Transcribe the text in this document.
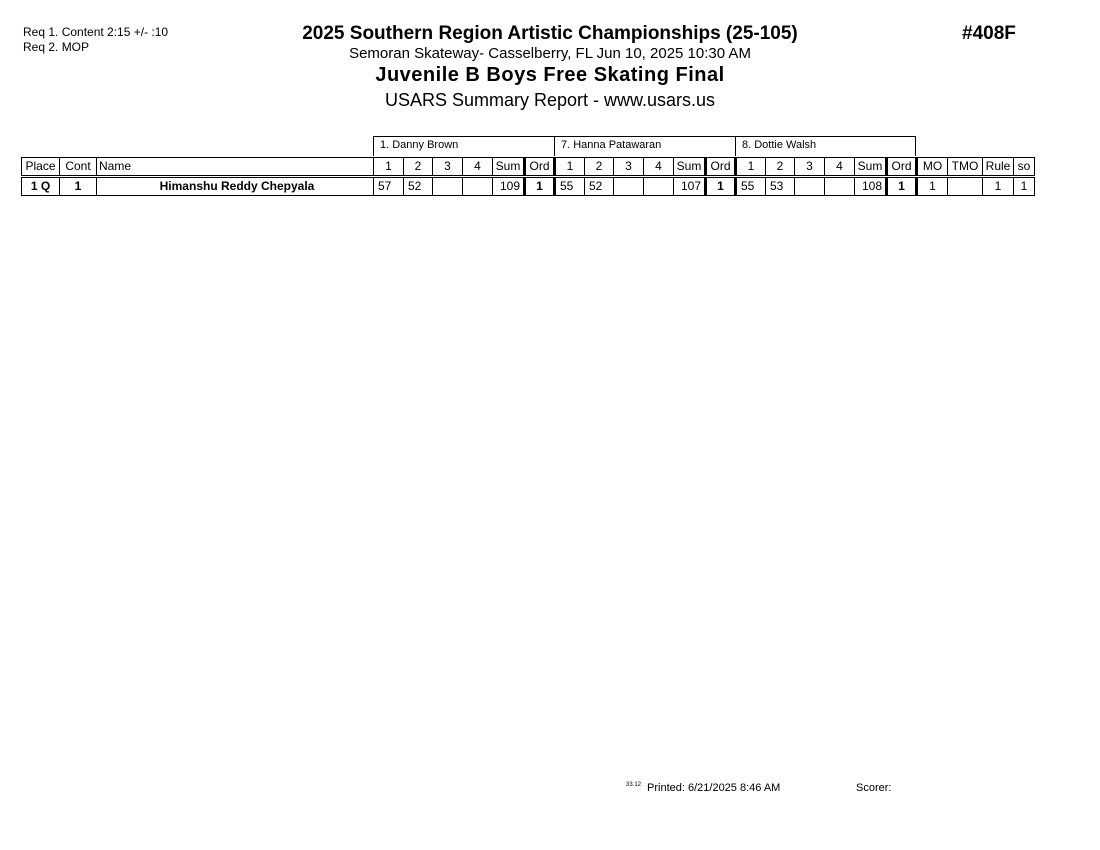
Req 1. Content 2:15 +/- :10
Req 2. MOP
#408F
2025 Southern Region Artistic Championships (25-105)
Semoran Skateway- Casselberry, FL Jun 10, 2025 10:30 AM
Juvenile B Boys Free Skating Final
USARS Summary Report - www.usars.us
1. Danny Brown	7. Hanna Patawaran	8. Dottie Walsh
Place	Cont	Name	1	2	3	4	Sum	Ord	1	2	3	4	Sum	Ord	1	2	3	4	Sum	Ord	MO	TMO	Rule	so
1 Q	1	Himanshu Reddy Chepyala	57	52			109	1	55	52			107	1	55	53			108	1	1		1	1
$^{33.12}$ Printed: 6/21/2025 8:46 AM	Scorer:
